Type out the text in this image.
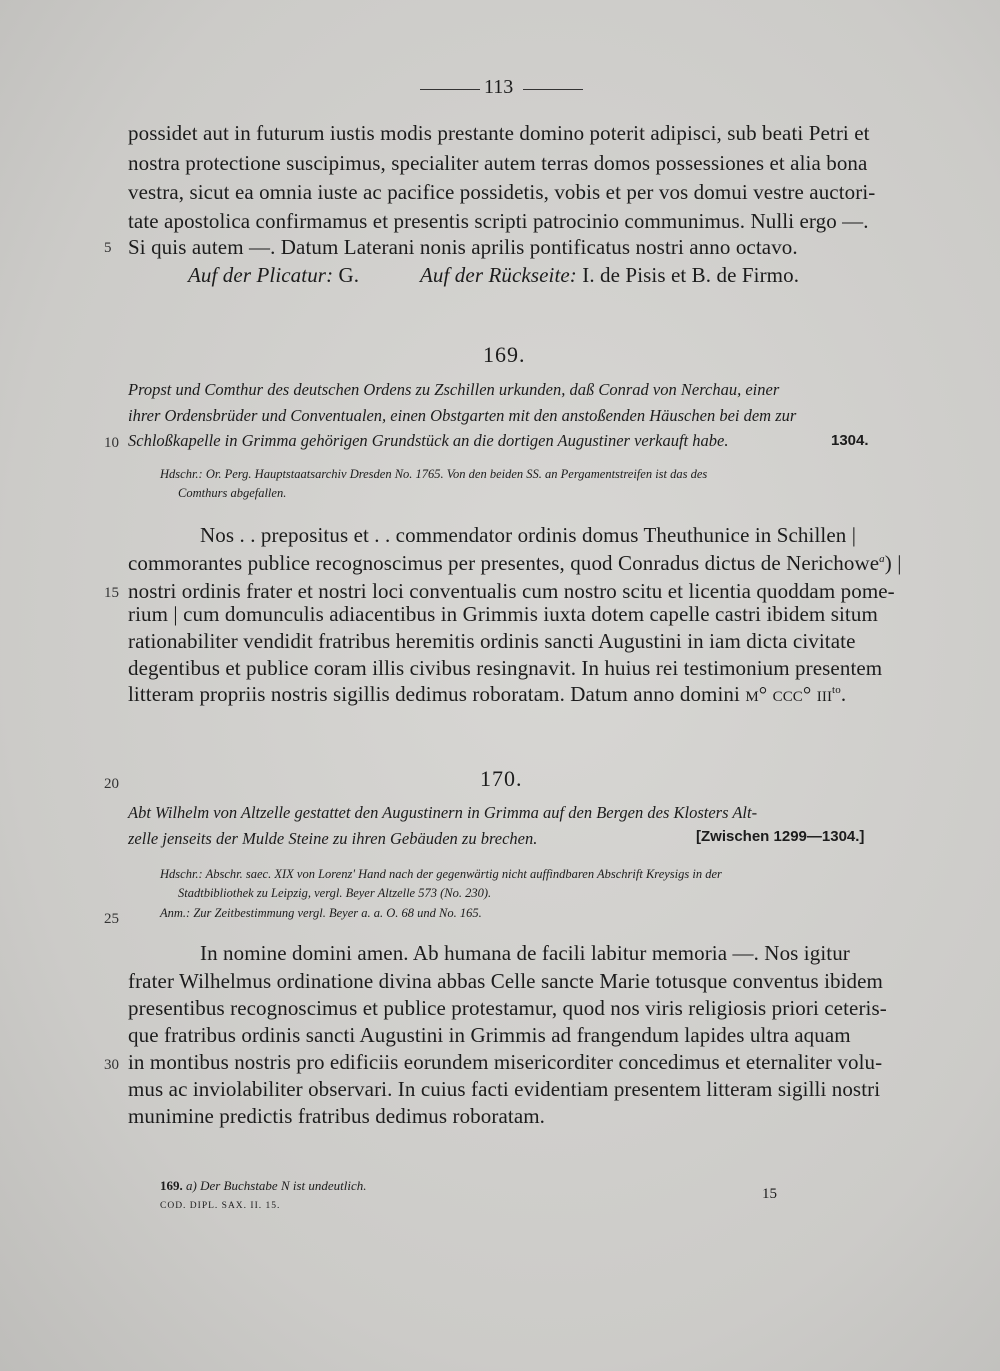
113
possidet aut in futurum iustis modis prestante domino poterit adipisci, sub beati Petri et
nostra protectione suscipimus, specialiter autem terras domos possessiones et alia bona
vestra, sicut ea omnia iuste ac pacifice possidetis, vobis et per vos domui vestre auctori-
tate apostolica confirmamus et presentis scripti patrocinio communimus. Nulli ergo —.
5 Si quis autem —. Datum Laterani nonis aprilis pontificatus nostri anno octavo.
Auf der Plicatur: G.	Auf der Rückseite: I. de Pisis et B. de Firmo.
169.
Propst und Comthur des deutschen Ordens zu Zschillen urkunden, daß Conrad von Nerchau, einer
ihrer Ordensbrüder und Conventualen, einen Obstgarten mit den anstoßenden Häuschen bei dem zur
10 Schloßkapelle in Grimma gehörigen Grundstück an die dortigen Augustiner verkauft habe.	1304.
Hdschr.: Or. Perg. Hauptstaatsarchiv Dresden No. 1765. Von den beiden SS. an Pergamentstreifen ist das des
Comthurs abgefallen.
Nos . . prepositus et . . commendator ordinis domus Theuthunice in Schillen |
commorantes publice recognoscimus per presentes, quod Conradus dictus de Nerichowe$^a$) |
15 nostri ordinis frater et nostri loci conventualis cum nostro scitu et licentia quoddam pome-
rium | cum domunculis adiacentibus in Grimmis iuxta dotem capelle castri ibidem situm
rationabiliter vendidit fratribus heremitis ordinis sancti Augustini in iam dicta civitate
degentibus et publice coram illis civibus resingnavit. In huius rei testimonium presentem
litteram propriis nostris sigillis dedimus roboratam. Datum anno domini m° ccc° iii$^{to}$.
20	170.
Abt Wilhelm von Altzelle gestattet den Augustinern in Grimma auf den Bergen des Klosters Alt-
zelle jenseits der Mulde Steine zu ihren Gebäuden zu brechen.	[Zwischen 1299—1304.]
Hdschr.: Abschr. saec. XIX von Lorenz' Hand nach der gegenwärtig nicht auffindbaren Abschrift Kreysigs in der
Stadtbibliothek zu Leipzig, vergl. Beyer Altzelle 573 (No. 230).
25	Anm.: Zur Zeitbestimmung vergl. Beyer a. a. O. 68 und No. 165.
In nomine domini amen. Ab humana de facili labitur memoria —. Nos igitur
frater Wilhelmus ordinatione divina abbas Celle sancte Marie totusque conventus ibidem
presentibus recognoscimus et publice protestamur, quod nos viris religiosis priori ceteris-
que fratribus ordinis sancti Augustini in Grimmis ad frangendum lapides ultra aquam
30 in montibus nostris pro edificiis eorundem misericorditer concedimus et eternaliter volu-
mus ac inviolabiliter observari. In cuius facti evidentiam presentem litteram sigilli nostri
munimine predictis fratribus dedimus roboratam.
169. a) Der Buchstabe N ist undeutlich.
COD. DIPL. SAX. II. 15.
15
